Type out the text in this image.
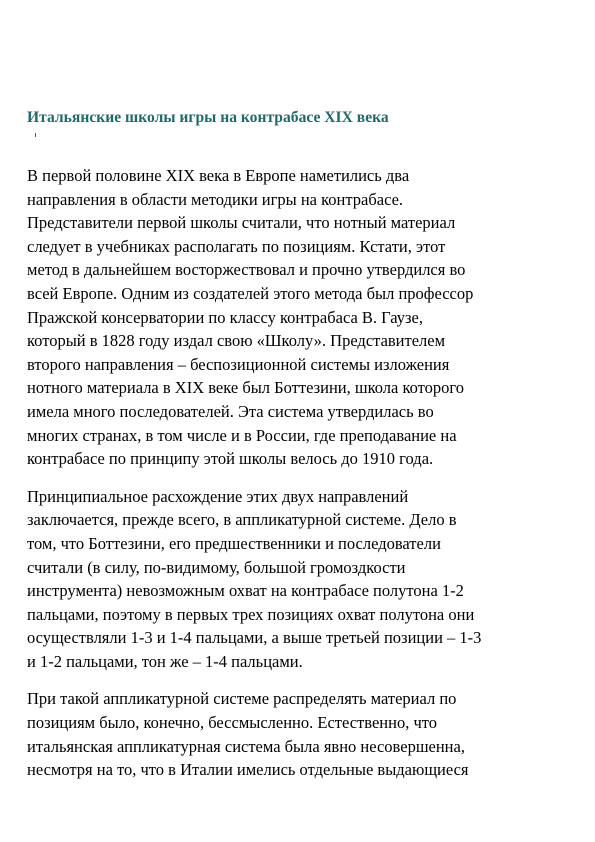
Итальянские школы игры на контрабасе XIX века

В первой половине XIX века в Европе наметились два
направления в области методики игры на контрабасе.
Представители первой школы считали, что нотный материал
следует в учебниках располагать по позициям. Кстати, этот
метод в дальнейшем восторжествовал и прочно утвердился во
всей Европе. Одним из создателей этого метода был профессор
Пражской консерватории по классу контрабаса В. Гаузе,
который в 1828 году издал свою «Школу». Представителем
второго направления – беспозиционной системы изложения
нотного материала в XIX веке был Боттезини, школа которого
имела много последователей. Эта система утвердилась во
многих странах, в том числе и в России, где преподавание на
контрабасе по принципу этой школы велось до 1910 года.

Принципиальное расхождение этих двух направлений
заключается, прежде всего, в аппликатурной системе. Дело в
том, что Боттезини, его предшественники и последователи
считали (в силу, по-видимому, большой громоздкости
инструмента) невозможным охват на контрабасе полутона 1-2
пальцами, поэтому в первых трех позициях охват полутона они
осуществляли 1-3 и 1-4 пальцами, а выше третьей позиции – 1-3
и 1-2 пальцами, тон же – 1-4 пальцами.

При такой аппликатурной системе распределять материал по
позициям было, конечно, бессмысленно. Естественно, что
итальянская аппликатурная система была явно несовершенна,
несмотря на то, что в Италии имелись отдельные выдающиеся
